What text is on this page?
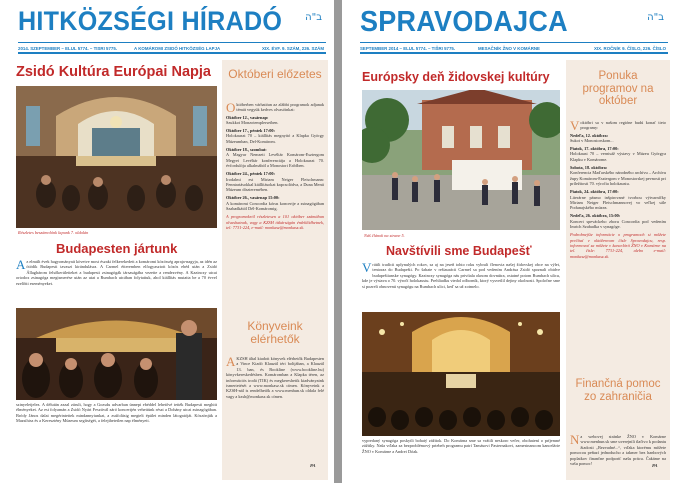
HITKÖZSÉGI HÍRADÓ ב"ה
2014. SZEPTEMBER – ELUL 5774. – TISRI 5775.	A KOMÁROMI ZSIDÓ HITKÖZSÉG LAPJA	XIX. ÉVF. 9. SZÁM, 226. SZÁM
Zsidó Kultúra Európai Napja
Részletes beszámolónk lapunk 7. oldalán
Budapesten jártunk
Az elmúlt évek hagyományait követve most északi felkerekedett a komáromi közösség apraja-nagyja, az idén az ötödik Budapesti tavaszi kirándulásra. A Carmel étteremben elfogyasztott közös ebéd után a Zsidó Állaghárom felsőkerületieket a budapesti zsinagógák társaságába vezette a rendezvény. A Kazinczy utcai ortodox zsinagóga megismerése után az utat a Rumbach utcában folytattuk, ahol kiállítás mutatta be a 70 évvel ezelőtti eseményeket.
szinyeletjelez. A délután azzal zárult, hogy a Gozsdu udvarban ünnepi ebéddel lehetővé tették Budapesti meghitt élményeket. Az est folyamán a Zsidó Nyári Fesztivál záró koncertjén vehettünk részt a Dohány utcai zsinagógában. Bródy János dalai megérintettek mindannyiunkat, a zsúfolásig megtelt épület minden látogatóját. Köszönjük a Mazsihisz és a Keresztény Múzeum segítségét, a felejthetetlen nap élményeit.
Októberi előzetes

Októberben várhatóan az alábbi programok adjanak témát vegyük kedves olvasóinkat:

Október 12., vasárnap:
Szukkot Monzotemplerseiben.
Október 17., péntek 17:00:
Holokauszt 70 – kiállítás megnyitó a Klapka György Múzeumban, Del-Komárom.
Október 18., szombat:
A Magyar Nemzeti Levéltár Komárom-Esztergom Megyei Levéltár konferenciája a Holokauszt 70. évfordulója alkalmából a Monostori Erődben.
Október 24., péntek 17:00:
Irodalmi est Miriam Neiger Fleischmann: Fenntartásokkal kiállításokat kapcsolódva, a Duna Menti Múzeum díszteremében.
Október 26., vasárnap 15:00:
A komáromi Concordia kórus koncertje a zsinagógában Szabadkától Dél-Komáromig.
A programokról részletesen a 101 október számában olvashatnak, vagy a KZSH titkárságán érdeklődhetnek, tel: 7731-224, e-mail: monkasz@monkasz.sk.
Könyveink elérhetők
AKZSH által kiadott könyvek elérhetők Budapesten a Vince Kiadó Klauzál téri boltjában, a Klauzál 13. ban, és Bookline (www.bookline.hu) könyvkereskedésben. Komáromban a Klapka téren, az információs irodá (TIK) és megkereshetik kiadványaink ismertetését a www.monkasz.sk címen. Könyveink a KZSH-nál is rendelhetők a www.menhun.sk oldala felé vagy a kzsh@monkasz.sk címen.
PA
SPRAVODAJCA	ב"ה
SEPTEMBER 2014 – ELUL 5774. – TIŠRI 5775.	MESAČNÍK ŽNO V KOMÁRNE	XIX. ROČNÍK 9. ČÍSLO, 226. ČÍSLO
Európsky deň židovskej kultúry
Náš článok na strane 5.
Navštívili sme Budapešť
Vrátili tradícii uplynulých rokov, sa aj na jeseň tohto roku vybrali členovia našej židovskej obce na výlet, tentoraz do Budapešti. Po šabate v reštaurácii Carmel sa pod vedením Andrása Zsidó spoznali obidve budapeštianske synagógy. Kazinczy synagóga nás privítala oknom dovnútra, ostatné potom Rumbach ulicu, kde je výstava o 70. výročí holokaustu. Prehliadku viedol odborník, ktorý vysvetlil dejiny okolnosti. Spoločne sme si pozreli obnovenú synagógu na Rumbach ulici, keď sa už zotmelo.
vypredaný synagóga poskytli bohatý zážitok. Do Komárna sme sa vrátili neskoro večer, obohatení o príjemné zážitky. Naša vďaka za bezproblémový priebeh programu patrí Tamásovi Pasternakovi, zamestnancom kancelárie ŽNO v Komárne a Andrei Dóak.
Ponuka programov na október

Voktóbri sa v našom regióne budú konať tieto programy:

Nedeľa, 12. októbra:
Sukot v Monostorskom...
Piatok, 17. októbra, 17:00:
Holokaust 70 – vernisáž výstavy v Múzeu Györgya Klapku v Komárome.
Sobota, 18. októbra:
Konferencia Maďarského národného archívu – Archívu župy Komárom-Esztergom v Monostorskej pevnosti pri príležitosti 70. výročia holokaustu.
Piatok, 24. októbra, 17:00:
Literárne pásmo inšpirované tvorbou výtvarníčky Miriam Neiger Fleischmannovej vo veľkej sále Podunajského múzea.
Nedeľa, 26. októbra, 15:00:
Koncert speváckeho zboru Concordia pod vedením Imrich Szabadka v synagóge.
Podrobnejšie informácie o programoch si môžete prečítať v októbrovom čísle Spravodajcu, resp. informovať sa môžete v kancelárii ŽNO v Komárne na tel. čísle: 7731-224, alebo e-mail: monkasz@monkasz.sk.
Finančná pomoc zo zahraničia
Na webovej stránke ŽNO v Komárne www.menhun.sk sme uverejnili tlačivo k podaniu žiadosti „Bezvadné...“, vďaka ktorému môžete pomocou peňazí jednoducho a takmer bez hanbových poplatkov finančne podporiť našu prácu. Čakáme na vašu pomoc!	PA
